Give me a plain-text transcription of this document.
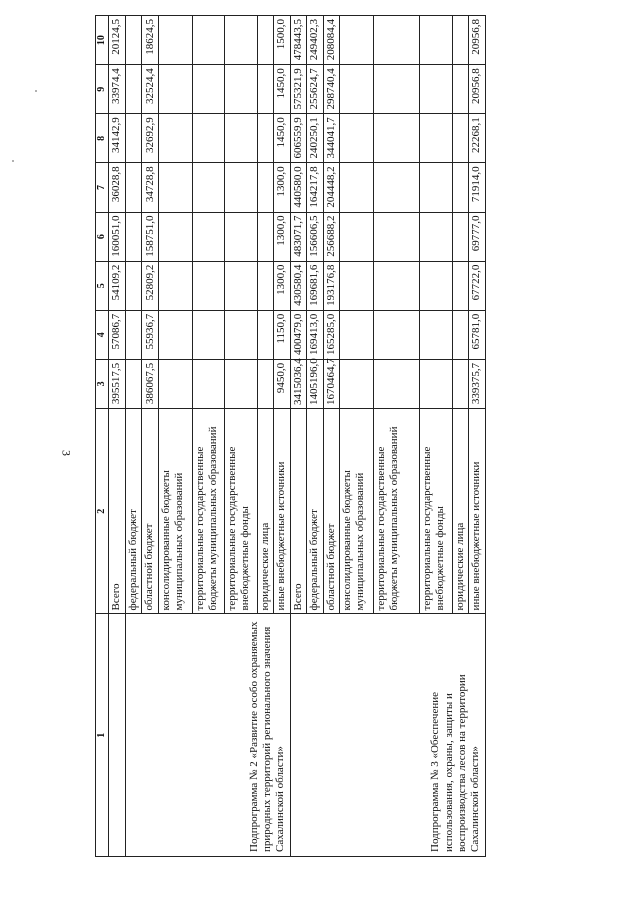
3
1	2	3	4	5	6	7	8	9	10
	Всего	395517,5	57086,7	54109,2	160051,0	36028,8	34142,9	33974,4	20124,5
Подпрограмма № 2 «Развитие особо охраняемых природных территорий регионального значения Сахалинской области»	федеральный бюджет								
	областной бюджет	386067,5	55936,7	52809,2	158751,0	34728,8	32692,9	32524,4	18624,5
	консолидированные бюджеты муниципальных образований								
	территориальные государственные бюджеты муниципальных образований								
	территориальные государственные внебюджетные фонды								
	юридические лица								
	иные внебюджетные источники	9450,0	1150,0	1300,0	1300,0	1300,0	1450,0	1450,0	1500,0
Подпрограмма № 3 «Обеспечение использования, охраны, защиты и воспроизводства лесов на территории Сахалинской области»	Всего	3415036,4	400479,0	430580,4	483071,7	440580,0	606559,9	575321,9	478443,5
	федеральный бюджет	1405196,0	169413,0	169681,6	156606,5	164217,8	240250,1	255624,7	249402,3
	областной бюджет	1670464,7	165285,0	193176,8	256688,2	204448,2	344041,7	298740,4	208084,4
	консолидированные бюджеты муниципальных образований								
	территориальные государственные бюджеты муниципальных образований								
	территориальные государственные внебюджетные фонды								
	юридические лица								
	иные внебюджетные источники	339375,7	65781,0	67722,0	69777,0	71914,0	22268,1	20956,8	20956,8
